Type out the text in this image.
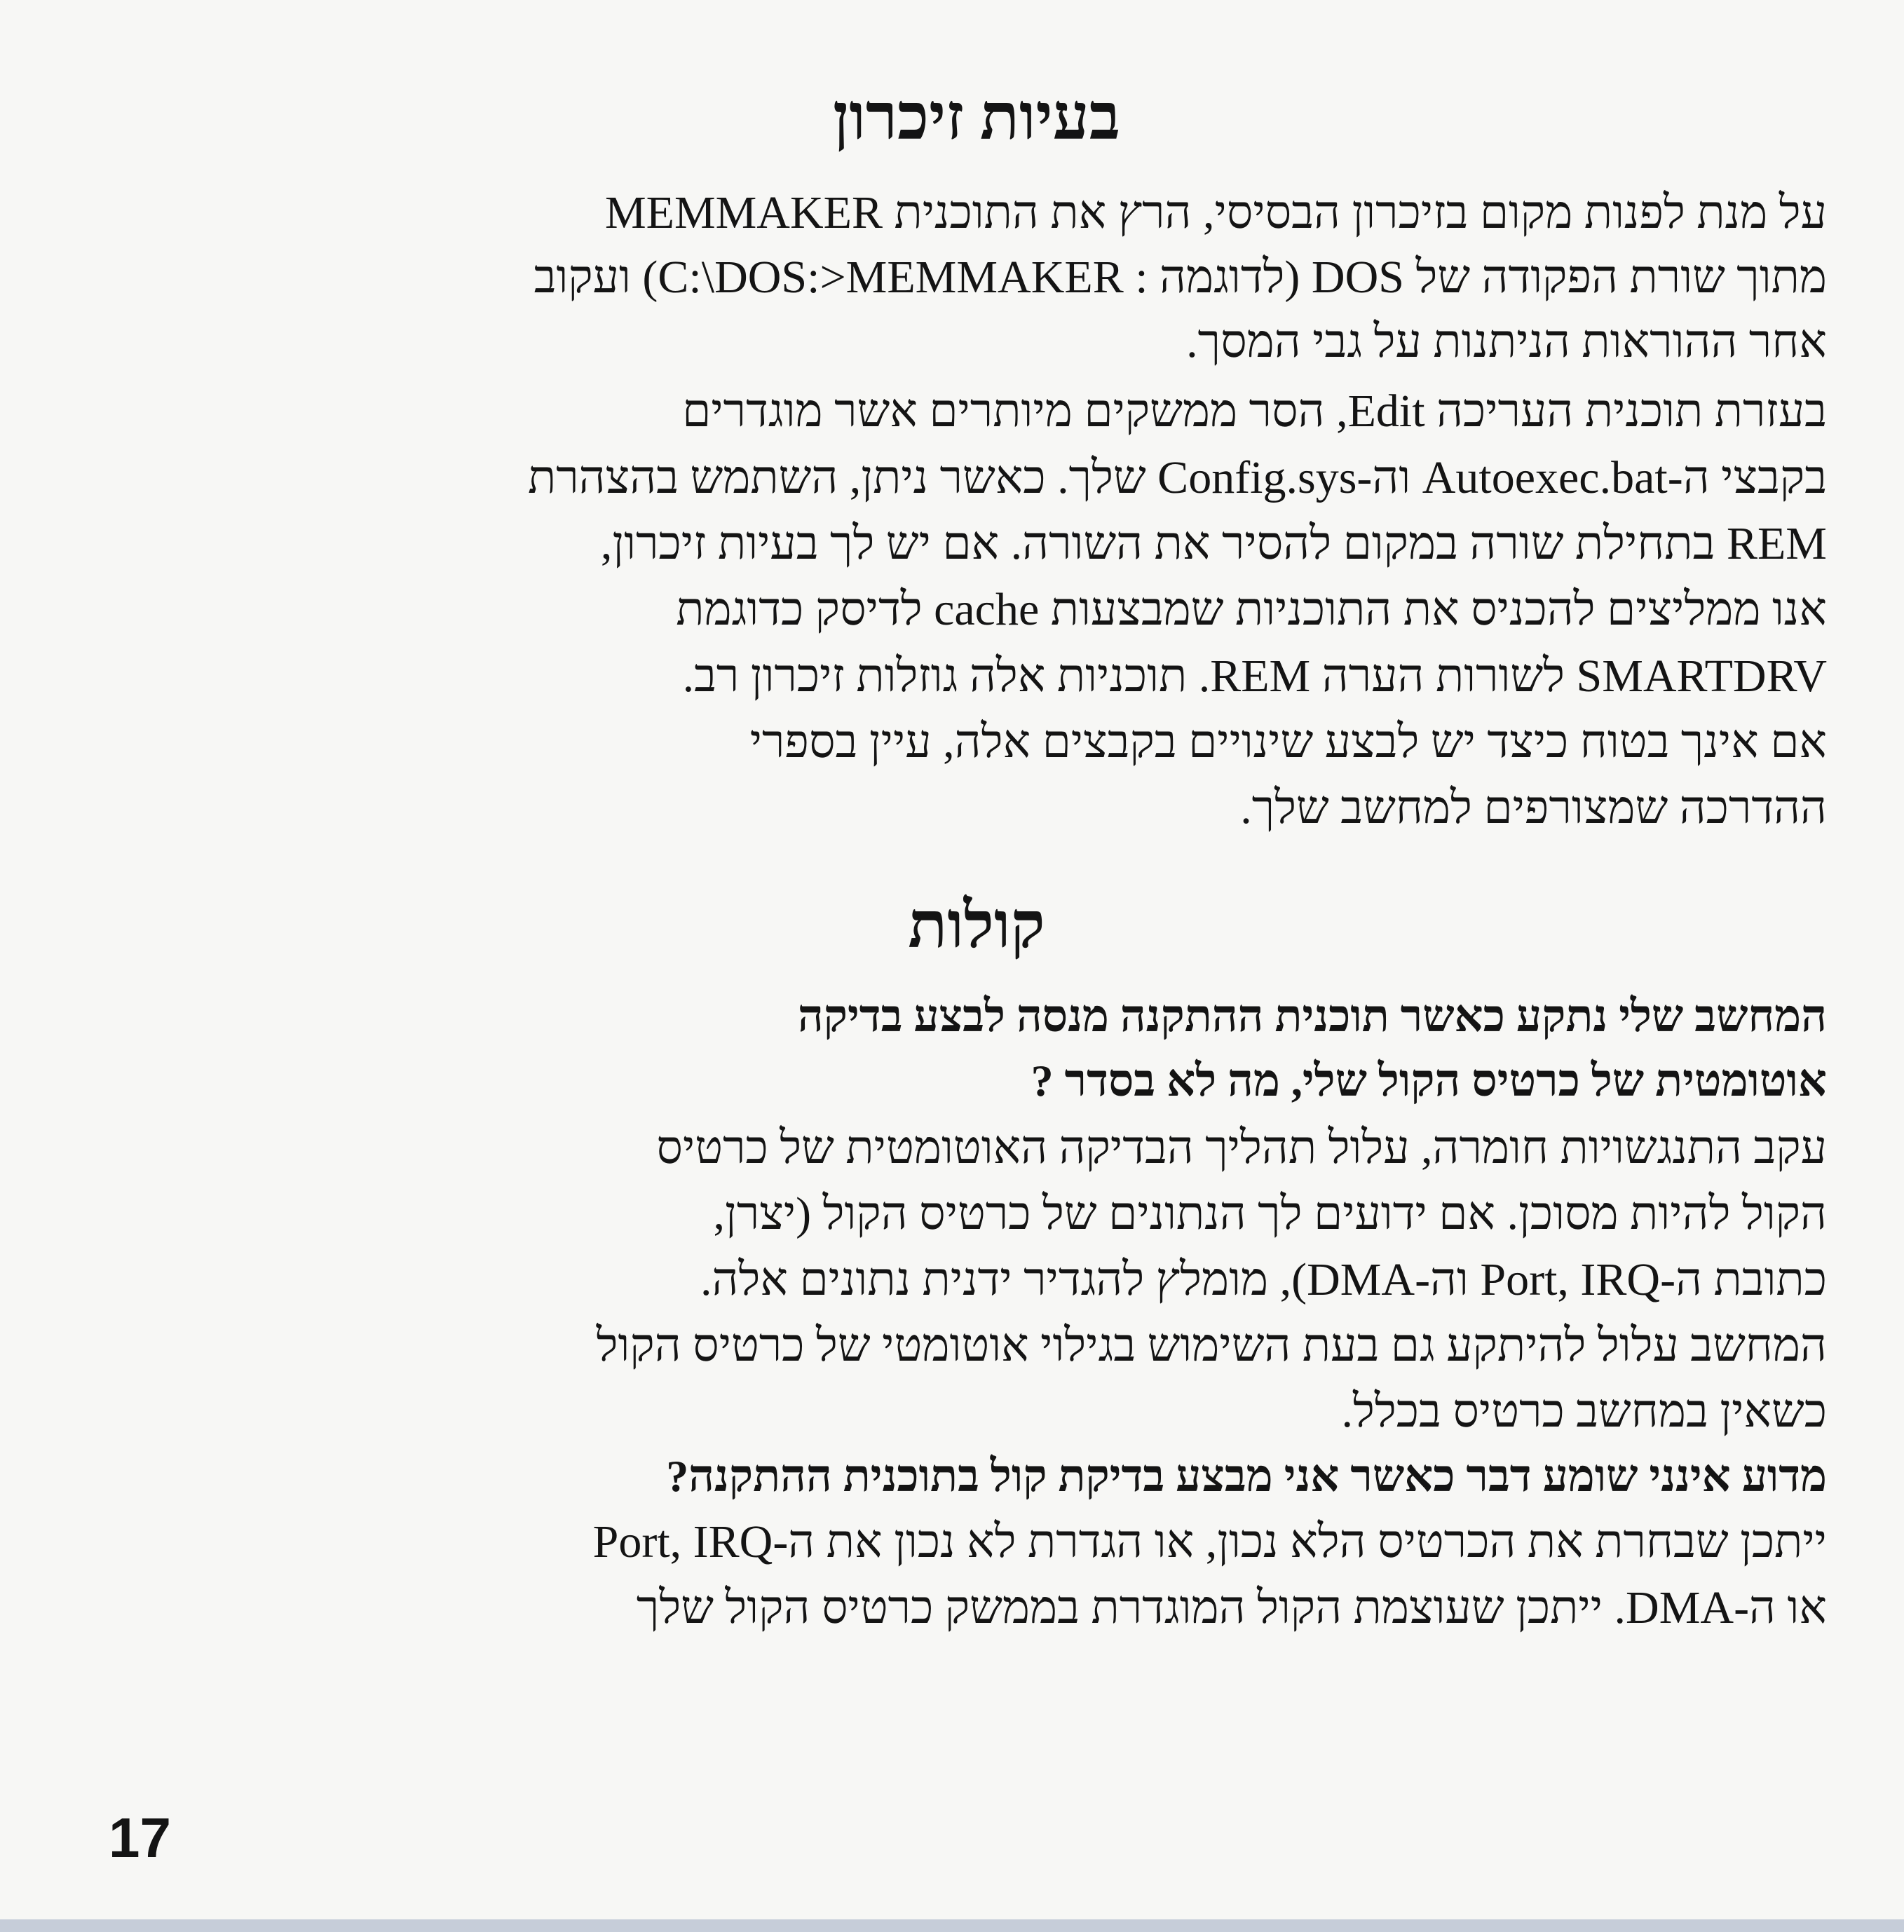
בעיות זיכרון

על מנת לפנות מקום בזיכרון הבסיסי, הרץ את התוכנית MEMMAKER

מתוך שורת הפקודה של DOS (לדוגמה : C:\DOS:>MEMMAKER) ועקוב

אחר ההוראות הניתנות על גבי המסך.

בעזרת תוכנית העריכה Edit, הסר ממשקים מיותרים אשר מוגדרים

בקבצי ה-Autoexec.bat וה-Config.sys שלך. כאשר ניתן, השתמש בהצהרת

REM בתחילת שורה במקום להסיר את השורה. אם יש לך בעיות זיכרון,

אנו ממליצים להכניס את התוכניות שמבצעות cache לדיסק כדוגמת

SMARTDRV לשורות הערה REM. תוכניות אלה גוזלות זיכרון רב.

אם אינך בטוח כיצד יש לבצע שינויים בקבצים אלה, עיין בספרי

ההדרכה שמצורפים למחשב שלך.

קולות

המחשב שלי נתקע כאשר תוכנית ההתקנה מנסה לבצע בדיקה

אוטומטית של כרטיס הקול שלי, מה לא בסדר ?

עקב התנגשויות חומרה, עלול תהליך הבדיקה האוטומטית של כרטיס

הקול להיות מסוכן. אם ידועים לך הנתונים של כרטיס הקול (יצרן,

כתובת ה-Port, IRQ וה-DMA), מומלץ להגדיר ידנית נתונים אלה.

המחשב עלול להיתקע גם בעת השימוש בגילוי אוטומטי של כרטיס הקול

כשאין במחשב כרטיס בכלל.

מדוע אינני שומע דבר כאשר אני מבצע בדיקת קול בתוכנית ההתקנה?

ייתכן שבחרת את הכרטיס הלא נכון, או הגדרת לא נכון את ה-Port, IRQ

או ה-DMA. ייתכן שעוצמת הקול המוגדרת בממשק כרטיס הקול שלך

17
